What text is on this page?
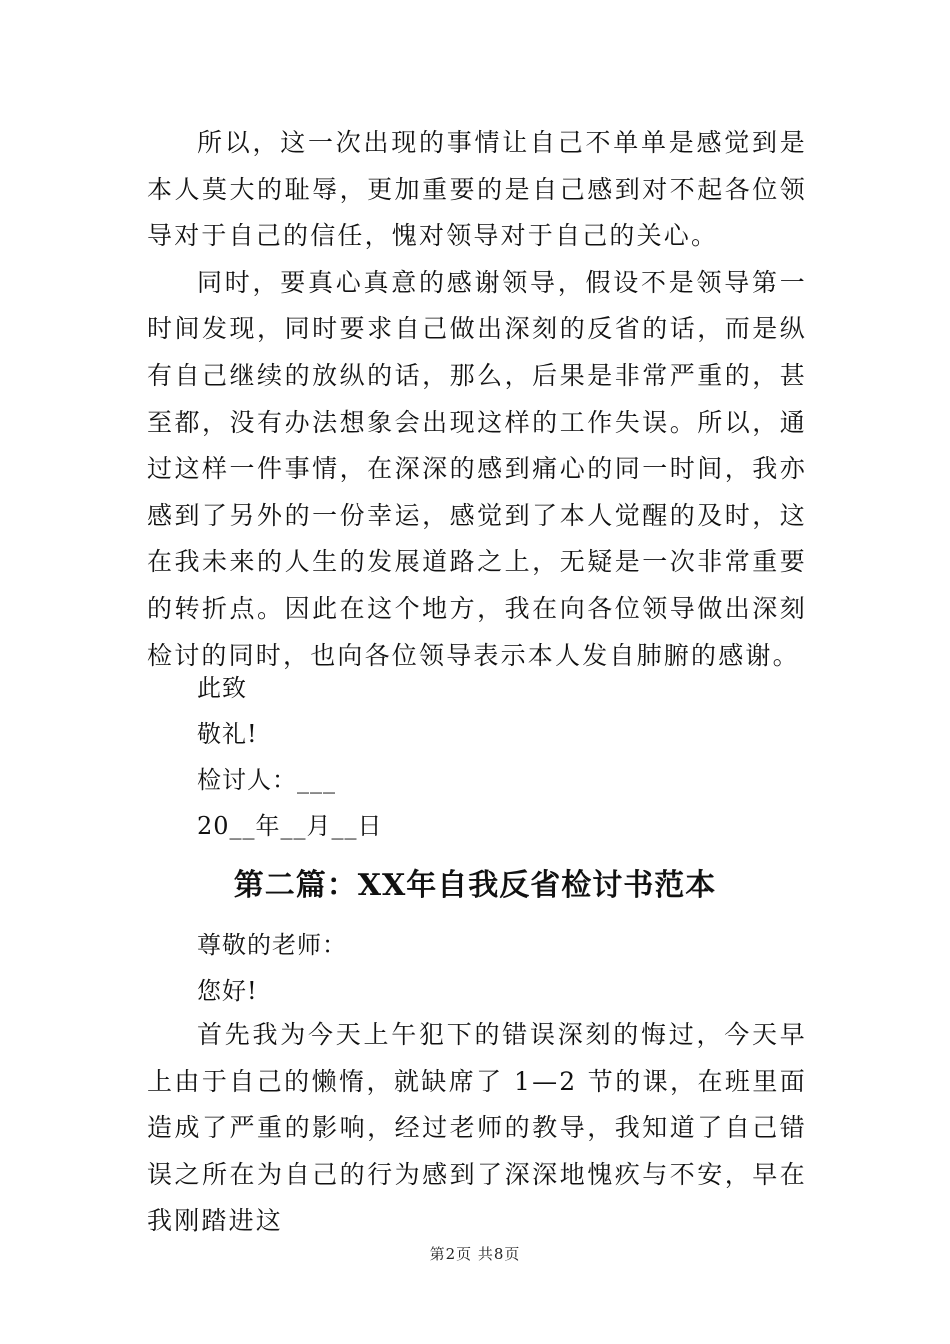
所以，这一次出现的事情让自己不单单是感觉到是本人莫大的耻辱，更加重要的是自己感到对不起各位领导对于自己的信任，愧对领导对于自己的关心。

同时，要真心真意的感谢领导，假设不是领导第一时间发现，同时要求自己做出深刻的反省的话，而是纵有自己继续的放纵的话，那么，后果是非常严重的，甚至都，没有办法想象会出现这样的工作失误。所以，通过这样一件事情，在深深的感到痛心的同一时间，我亦感到了另外的一份幸运，感觉到了本人觉醒的及时，这在我未来的人生的发展道路之上，无疑是一次非常重要的转折点。因此在这个地方，我在向各位领导做出深刻检讨的同时，也向各位领导表示本人发自肺腑的感谢。

此致
敬礼!
检讨人：___
20__年__月__日
第二篇：XX年自我反省检讨书范本
尊敬的老师：
您好!

首先我为今天上午犯下的错误深刻的悔过，今天早上由于自己的懒惰，就缺席了 1—2 节的课，在班里面造成了严重的影响，经过老师的教导，我知道了自己错误之所在为自己的行为感到了深深地愧疚与不安，早在我刚踏进这

第2页 共8页
